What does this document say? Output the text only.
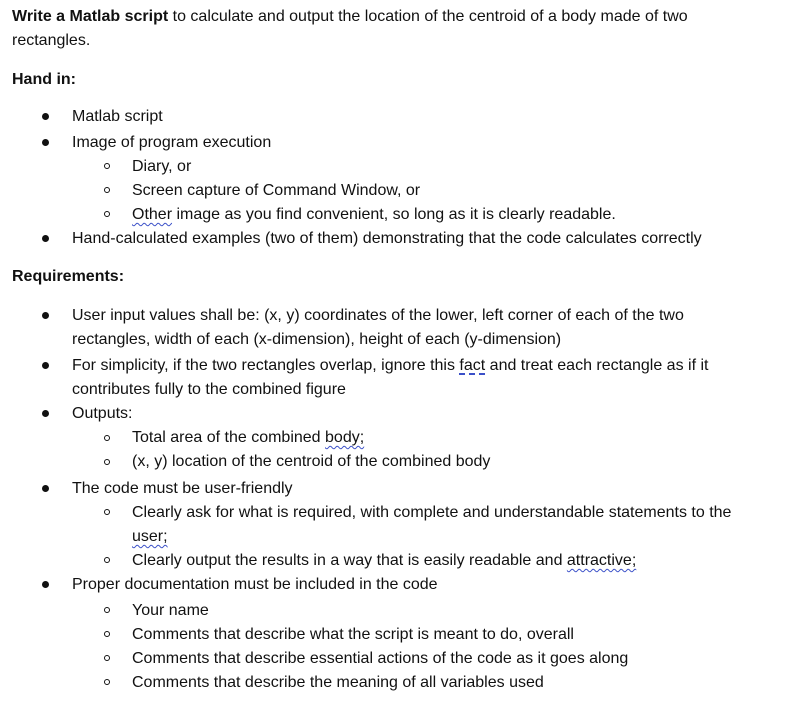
Write a Matlab script to calculate and output the location of the centroid of a body made of two
rectangles.
Hand in:
Matlab script
Image of program execution
Diary, or
Screen capture of Command Window, or
Other image as you find convenient, so long as it is clearly readable.
Hand-calculated examples (two of them) demonstrating that the code calculates correctly
Requirements:
User input values shall be: (x, y) coordinates of the lower, left corner of each of the two
rectangles, width of each (x-dimension), height of each (y-dimension)
For simplicity, if the two rectangles overlap, ignore this fact and treat each rectangle as if it
contributes fully to the combined figure
Outputs:
Total area of the combined body;
(x, y) location of the centroid of the combined body
The code must be user-friendly
Clearly ask for what is required, with complete and understandable statements to the
user;
Clearly output the results in a way that is easily readable and attractive;
Proper documentation must be included in the code
Your name
Comments that describe what the script is meant to do, overall
Comments that describe essential actions of the code as it goes along
Comments that describe the meaning of all variables used
